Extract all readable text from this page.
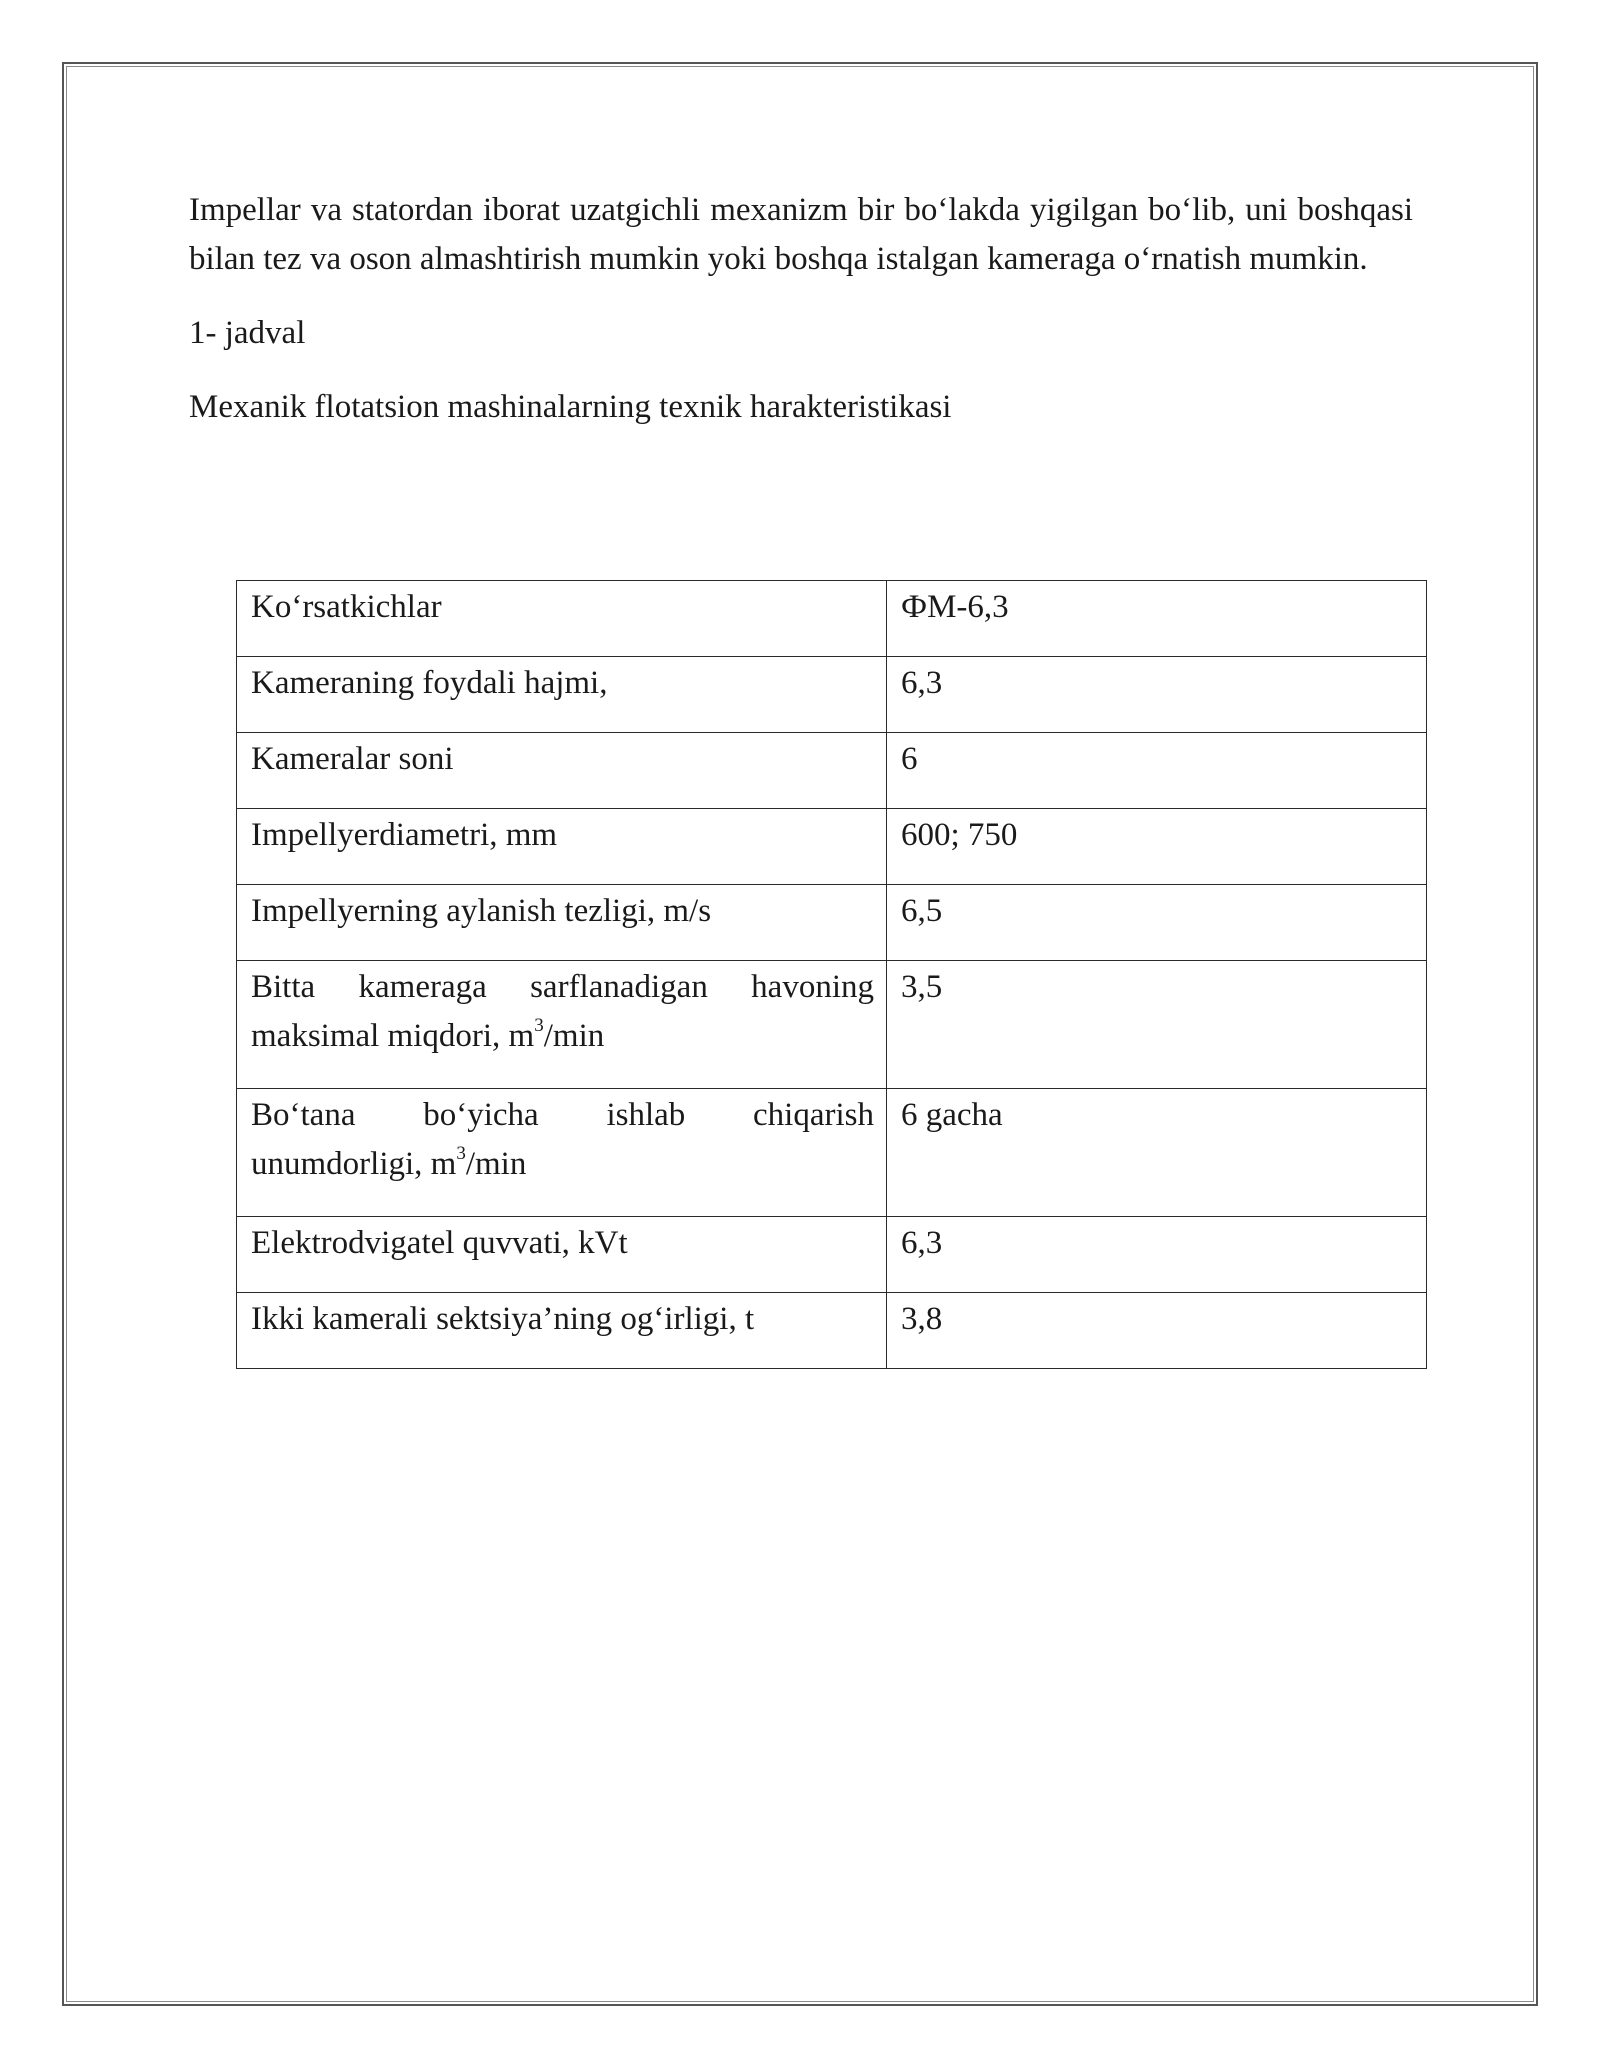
Impellar va statordan iborat uzatgichli mexanizm bir bo‘lakda yigilgan bo‘lib, uni boshqasi bilan tez va oson almashtirish mumkin yoki boshqa istalgan kameraga o‘rnatish mumkin.

1- jadval

Mexanik flotatsion mashinalarning texnik harakteristikasi

Ko‘rsatkichlar	ФМ-6,3
Kameraning foydali hajmi,	6,3
Kameralar soni	6
Impellyerdiametri, mm	600; 750
Impellyerning aylanish tezligi, m/s	6,5
Bitta kameraga sarflanadigan havoning maksimal miqdori, $m^3/\min$	3,5
Bo‘tana bo‘yicha ishlab chiqarish unumdorligi, $m^3/\min$	6 gacha
Elektrodvigatel quvvati, kVt	6,3
Ikki kamerali sektsiya’ning og‘irligi, t	3,8
